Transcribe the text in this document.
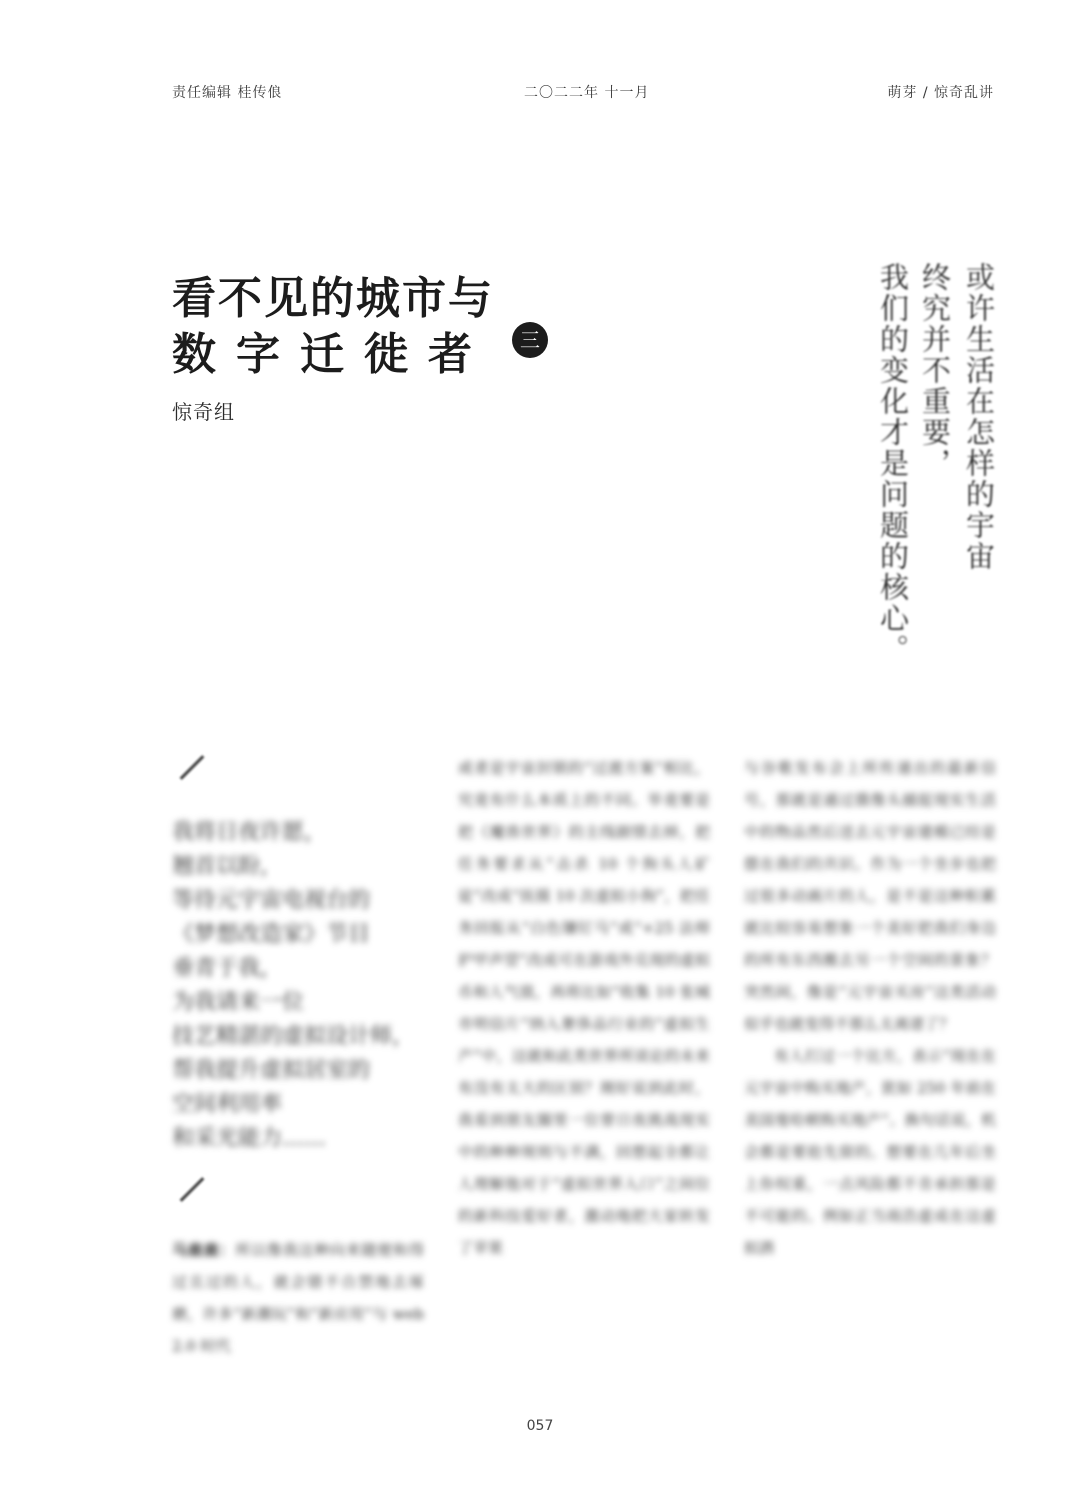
责任编辑 桂传俍	二〇二二年 十一月	萌芽 / 惊奇乱讲
看不见的城市与
数字迁徙者	三
惊奇组	或许生活在怎样的宇宙
终究并不重要，
我们的变化才是问题的核心。
我将日夜许愿，
翘首以盼，
等待元宇宙电视台的
《梦想改造家》节目
垂青于我，
为我请来一位
技艺精湛的虚拟设计师，
帮我提升虚拟居室的
空间利用率
和采光能力……
马鹿鹿：所以像我这种向来随便和得过且过的人，就会错不自禁地去琢磨，许多“新潮玩”和“新应用”与 web 2.0 时代
或者是宇宙封锁的“过渡方案”相比，究竟有什么本质上的不同。毕竟要是把《魔兽世界》的主线剧情去掉，把任务要求从“击杀 10 个狗头人矿徒”改成“抚摸 10 次虚拟小狗”，把任务回报从“白色镶钉马”或“+25 法师护甲声望”改成可在游戏外兑现的虚拟币和人气值，再将比如“收集 10 张城市明信片”纳入奢侈品行业的“虚拟生产”中，这就和此类世界所谈论的未来有没有太大的区别？刚好说到此时，我看到朋友圈里一位曾日夜挑战现实中的种种规则与不满，回想起全都让人理解他对于“虚拟世界入口”之间位的新科技爱好者，激动地把大家转发了苹果
与谷歌发布会上所传递出的最新信号，那就是通过摄像头捕捉现实生活中的物品然后送去元宇宙建模已经是摆在我们的共识。作为一个坐步也把过很多动画片的人，是不是这种积累就比较容易想象一个美好把我们身边的所有东西搬去另一个空间的景象？突然间，像是“元宇宙买房”这类活动似乎也就变得不那么太离谱了？
有人打过一个比方，表示“现在在元宇宙中购买地产，犹如 250 年前在美国曼哈顿购买地产”。换句话说，机会都是要抢先窗的。想要在几年后坐上你权重，一点风险都不肯承担那是不可能的。例如正当雨浩虚成在这虚拟酒
057
